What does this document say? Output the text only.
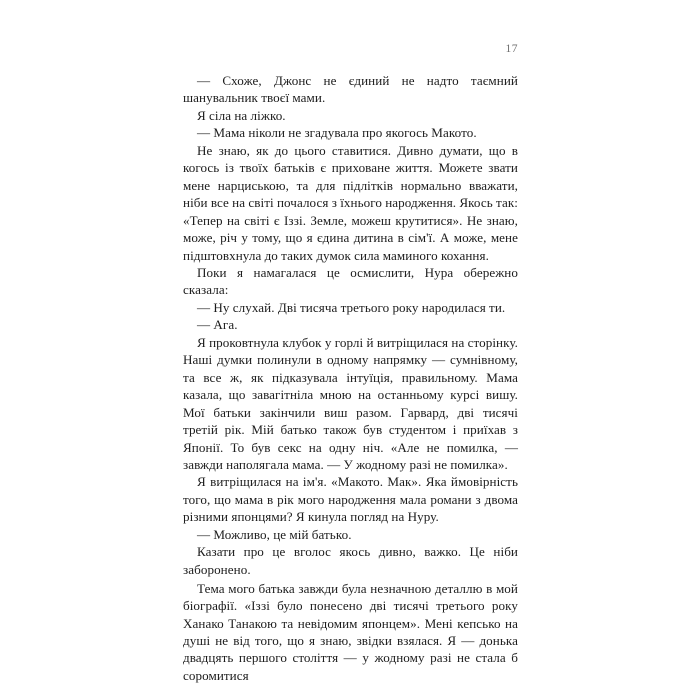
17

— Схоже, Джонс не єдиний не надто таємний шанувальник твоєї мами.

Я сіла на ліжко.

— Мама ніколи не згадувала про якогось Макото.

Не знаю, як до цього ставитися. Дивно думати, що в когось із твоїх батьків є приховане життя. Можете звати мене нарциською, та для підлітків нормально вважати, ніби все на світі почалося з їхнього народження. Якось так: «Тепер на світі є Іззі. Земле, можеш крутитися». Не знаю, може, річ у тому, що я єдина дитина в сім'ї. А може, мене підштовхнула до таких думок сила маминого кохання.

Поки я намагалася це осмислити, Нура обережно сказала:

— Ну слухай. Дві тисяча третього року народилася ти.

— Ага.

Я проковтнула клубок у горлі й витріщилася на сторінку. Наші думки полинули в одному напрямку — сумнівному, та все ж, як підказувала інтуїція, правильному. Мама казала, що завагітніла мною на останньому курсі вишу. Мої батьки закінчили виш разом. Гарвард, дві тисячі третій рік. Мій батько також був студентом і приїхав з Японії. То був секс на одну ніч. «Але не помилка, — завжди наполягала мама. — У жодному разі не помилка».

Я витріщилася на ім'я. «Макото. Мак». Яка ймовірність того, що мама в рік мого народження мала романи з двома різними японцями? Я кинула погляд на Нуру.

— Можливо, це мій батько.

Казати про це вголос якось дивно, важко. Це ніби заборонено.

Тема мого батька завжди була незначною деталлю в мой біографії. «Іззі було понесено дві тисячі третього року Ханако Танакою та невідомим японцем». Мені кепсько на душі не від того, що я знаю, звідки взялася. Я — донька двадцять першого століття — у жодному разі не стала б соромитися
